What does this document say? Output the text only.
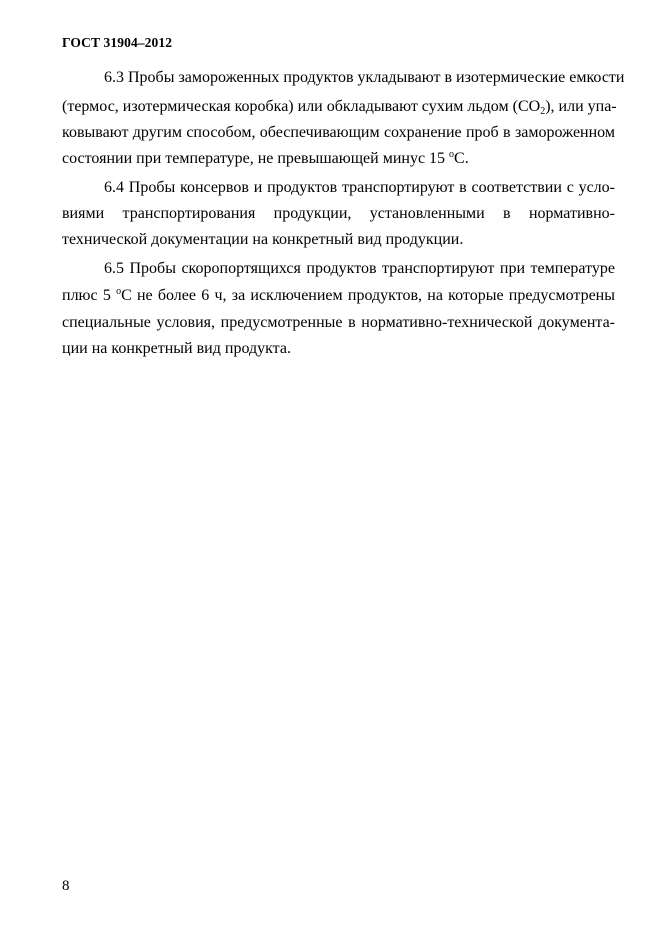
ГОСТ 31904–2012
6.3 Пробы замороженных продуктов укладывают в изотермические емкости
(термос, изотермическая коробка) или обкладывают сухим льдом $(CO_2)$, или упа-
ковывают другим способом, обеспечивающим сохранение проб в замороженном
состоянии при температуре, не превышающей минус 15 $^o$C.
6.4 Пробы консервов и продуктов транспортируют в соответствии с усло-
виями транспортирования продукции, установленными в нормативно-
технической документации на конкретный вид продукции.
6.5 Пробы скоропортящихся продуктов транспортируют при температуре
плюс 5 $^o$C не более 6 ч, за исключением продуктов, на которые предусмотрены
специальные условия, предусмотренные в нормативно-технической документа-
ции на конкретный вид продукта.
8
